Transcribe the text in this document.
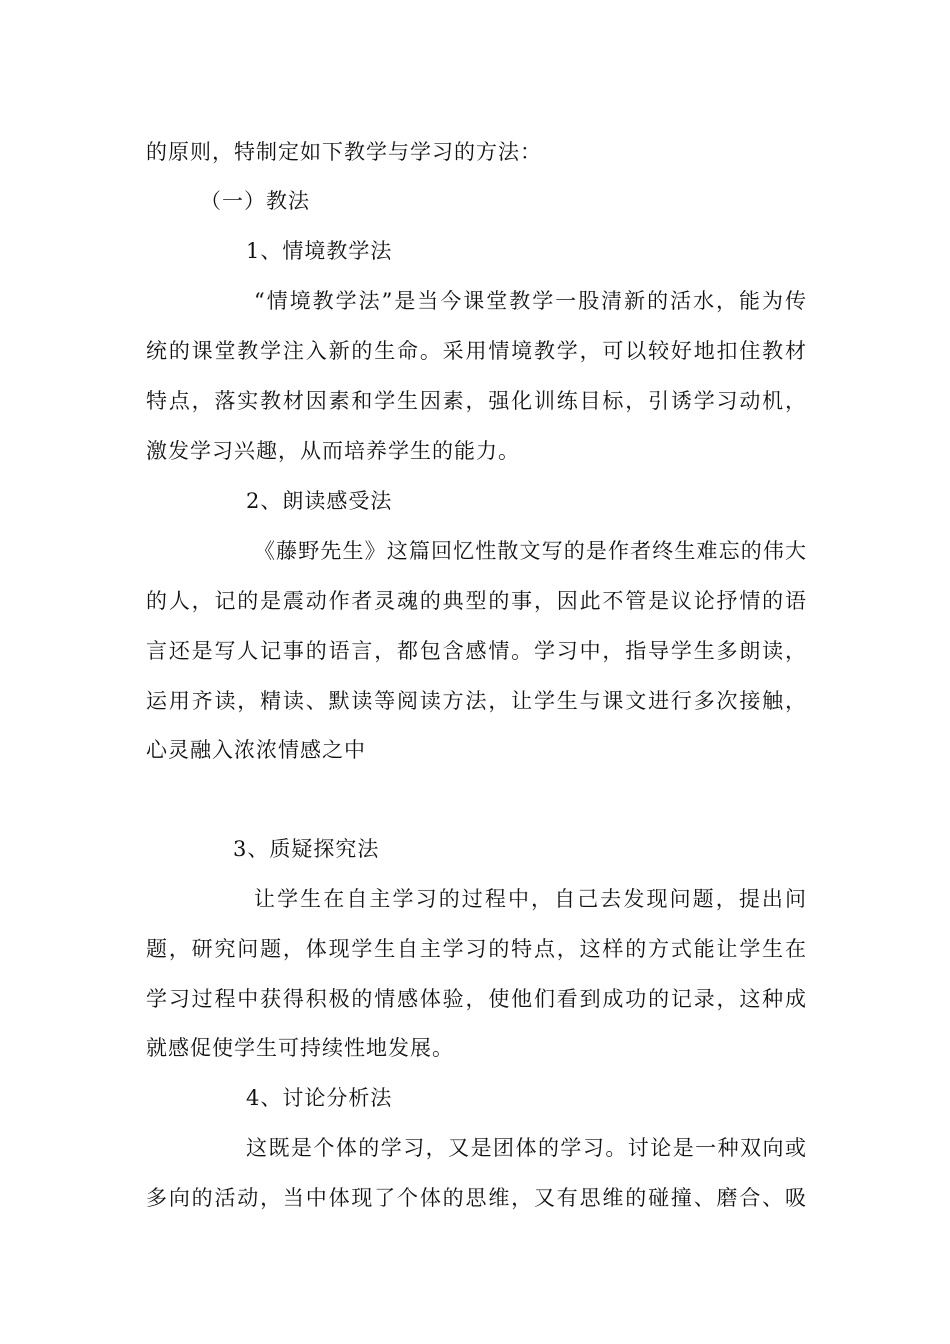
的原则，特制定如下教学与学习的方法：
（一）教法
1、情境教学法
“情境教学法”是当今课堂教学一股清新的活水，能为传
统的课堂教学注入新的生命。采用情境教学，可以较好地扣住教材
特点，落实教材因素和学生因素，强化训练目标，引诱学习动机，
激发学习兴趣，从而培养学生的能力。
2、朗读感受法
《藤野先生》这篇回忆性散文写的是作者终生难忘的伟大
的人，记的是震动作者灵魂的典型的事，因此不管是议论抒情的语
言还是写人记事的语言，都包含感情。学习中，指导学生多朗读，
运用齐读，精读、默读等阅读方法，让学生与课文进行多次接触，
心灵融入浓浓情感之中
3、质疑探究法
让学生在自主学习的过程中，自己去发现问题，提出问
题，研究问题，体现学生自主学习的特点，这样的方式能让学生在
学习过程中获得积极的情感体验，使他们看到成功的记录，这种成
就感促使学生可持续性地发展。
4、讨论分析法
这既是个体的学习，又是团体的学习。讨论是一种双向或
多向的活动，当中体现了个体的思维，又有思维的碰撞、磨合、吸
